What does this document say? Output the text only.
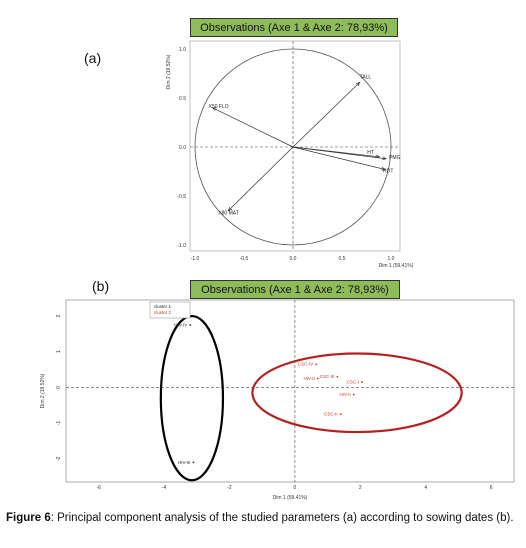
(a)
Observations (Axe 1 & Axe 2: 78,93%)
-1.0	-0.5	0.0	0.5	1.0
-1.0
-0.5
0.0
0.5
1.0
Dim 1 (59,41%)
Dim 2 (19,52%)	TALL
X50 FLO
HT
PMG
RDT
X80 MAT
-6	-4	-2	0	2	4	6
-2
-1
0
1
2
Dim 1 (59.41%)
Dim 2 (19.52%)
HIV-IV
HIV-III
CSC-IV
CSC-III
HIV-II
CSC-I
HIV-II
CSC-II
cluster 1
cluster 2
(b)	Observations (Axe 1 & Axe 2: 78,93%)
Figure 6: Principal component analysis of the studied parameters (a) according to sowing dates (b).
